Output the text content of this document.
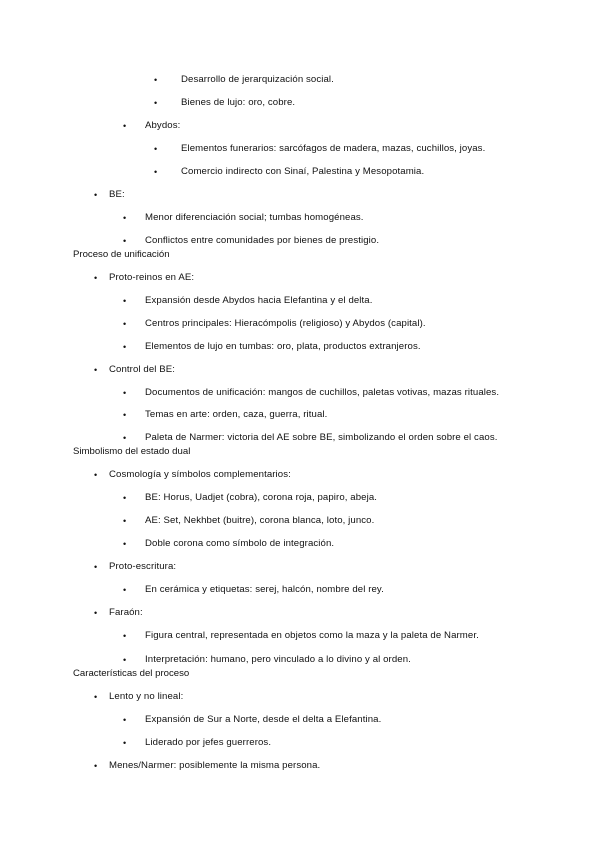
• Desarrollo de jerarquización social.
• Bienes de lujo: oro, cobre.
• Abydos:
• Elementos funerarios: sarcófagos de madera, mazas, cuchillos, joyas.
• Comercio indirecto con Sinaí, Palestina y Mesopotamia.
• BE:
• Menor diferenciación social; tumbas homogéneas.
• Conflictos entre comunidades por bienes de prestigio.
Proceso de unificación
• Proto-reinos en AE:
• Expansión desde Abydos hacia Elefantina y el delta.
• Centros principales: Hieracómpolis (religioso) y Abydos (capital).
• Elementos de lujo en tumbas: oro, plata, productos extranjeros.
• Control del BE:
• Documentos de unificación: mangos de cuchillos, paletas votivas, mazas rituales.
• Temas en arte: orden, caza, guerra, ritual.
• Paleta de Narmer: victoria del AE sobre BE, simbolizando el orden sobre el caos.
Simbolismo del estado dual
• Cosmología y símbolos complementarios:
• BE: Horus, Uadjet (cobra), corona roja, papiro, abeja.
• AE: Set, Nekhbet (buitre), corona blanca, loto, junco.
• Doble corona como símbolo de integración.
• Proto-escritura:
• En cerámica y etiquetas: serej, halcón, nombre del rey.
• Faraón:
• Figura central, representada en objetos como la maza y la paleta de Narmer.
• Interpretación: humano, pero vinculado a lo divino y al orden.
Características del proceso
• Lento y no lineal:
• Expansión de Sur a Norte, desde el delta a Elefantina.
• Liderado por jefes guerreros.
• Menes/Narmer: posiblemente la misma persona.
